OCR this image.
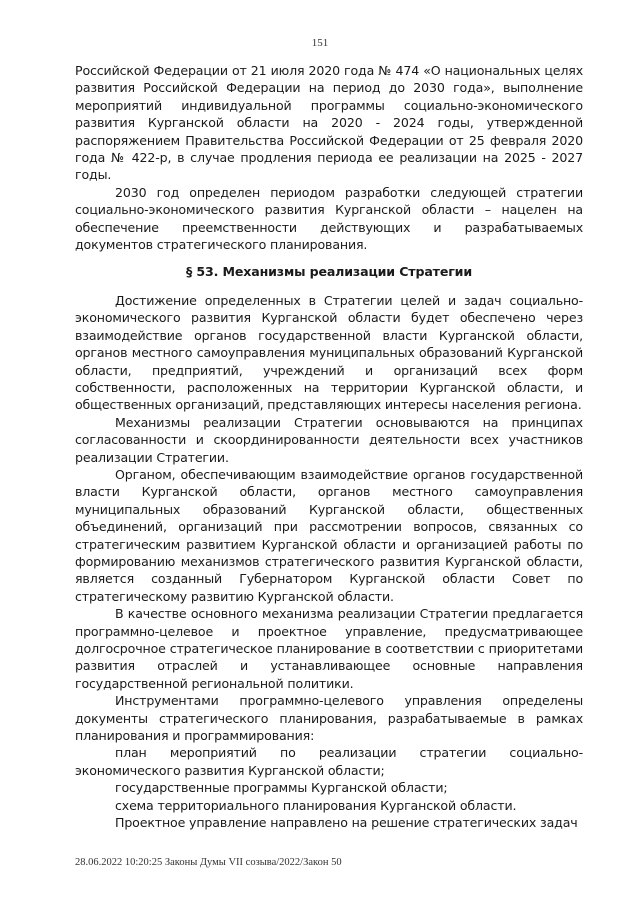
151

Российской Федерации от 21 июля 2020 года № 474 «О национальных целях развития Российской Федерации на период до 2030 года», выполнение мероприятий индивидуальной программы социально-экономического развития Курганской области на 2020 - 2024 годы, утвержденной распоряжением Правительства Российской Федерации от 25 февраля 2020 года № 422-р, в случае продления периода ее реализации на 2025 - 2027 годы.

2030 год определен периодом разработки следующей стратегии социально-экономического развития Курганской области – нацелен на обеспечение преемственности действующих и разрабатываемых документов стратегического планирования.

§ 53. Механизмы реализации Стратегии

Достижение определенных в Стратегии целей и задач социально-экономического развития Курганской области будет обеспечено через взаимодействие органов государственной власти Курганской области, органов местного самоуправления муниципальных образований Курганской области, предприятий, учреждений и организаций всех форм собственности, расположенных на территории Курганской области, и общественных организаций, представляющих интересы населения региона.

Механизмы реализации Стратегии основываются на принципах согласованности и скоординированности деятельности всех участников реализации Стратегии.

Органом, обеспечивающим взаимодействие органов государственной власти Курганской области, органов местного самоуправления муниципальных образований Курганской области, общественных объединений, организаций при рассмотрении вопросов, связанных со стратегическим развитием Курганской области и организацией работы по формированию механизмов стратегического развития Курганской области, является созданный Губернатором Курганской области Совет по стратегическому развитию Курганской области.

В качестве основного механизма реализации Стратегии предлагается программно-целевое и проектное управление, предусматривающее долгосрочное стратегическое планирование в соответствии с приоритетами развития отраслей и устанавливающее основные направления государственной региональной политики.

Инструментами программно-целевого управления определены документы стратегического планирования, разрабатываемые в рамках планирования и программирования:

план мероприятий по реализации стратегии социально-экономического развития Курганской области;

государственные программы Курганской области;

схема территориального планирования Курганской области.

Проектное управление направлено на решение стратегических задач

28.06.2022 10:20:25 Законы Думы VII созыва/2022/Закон 50
